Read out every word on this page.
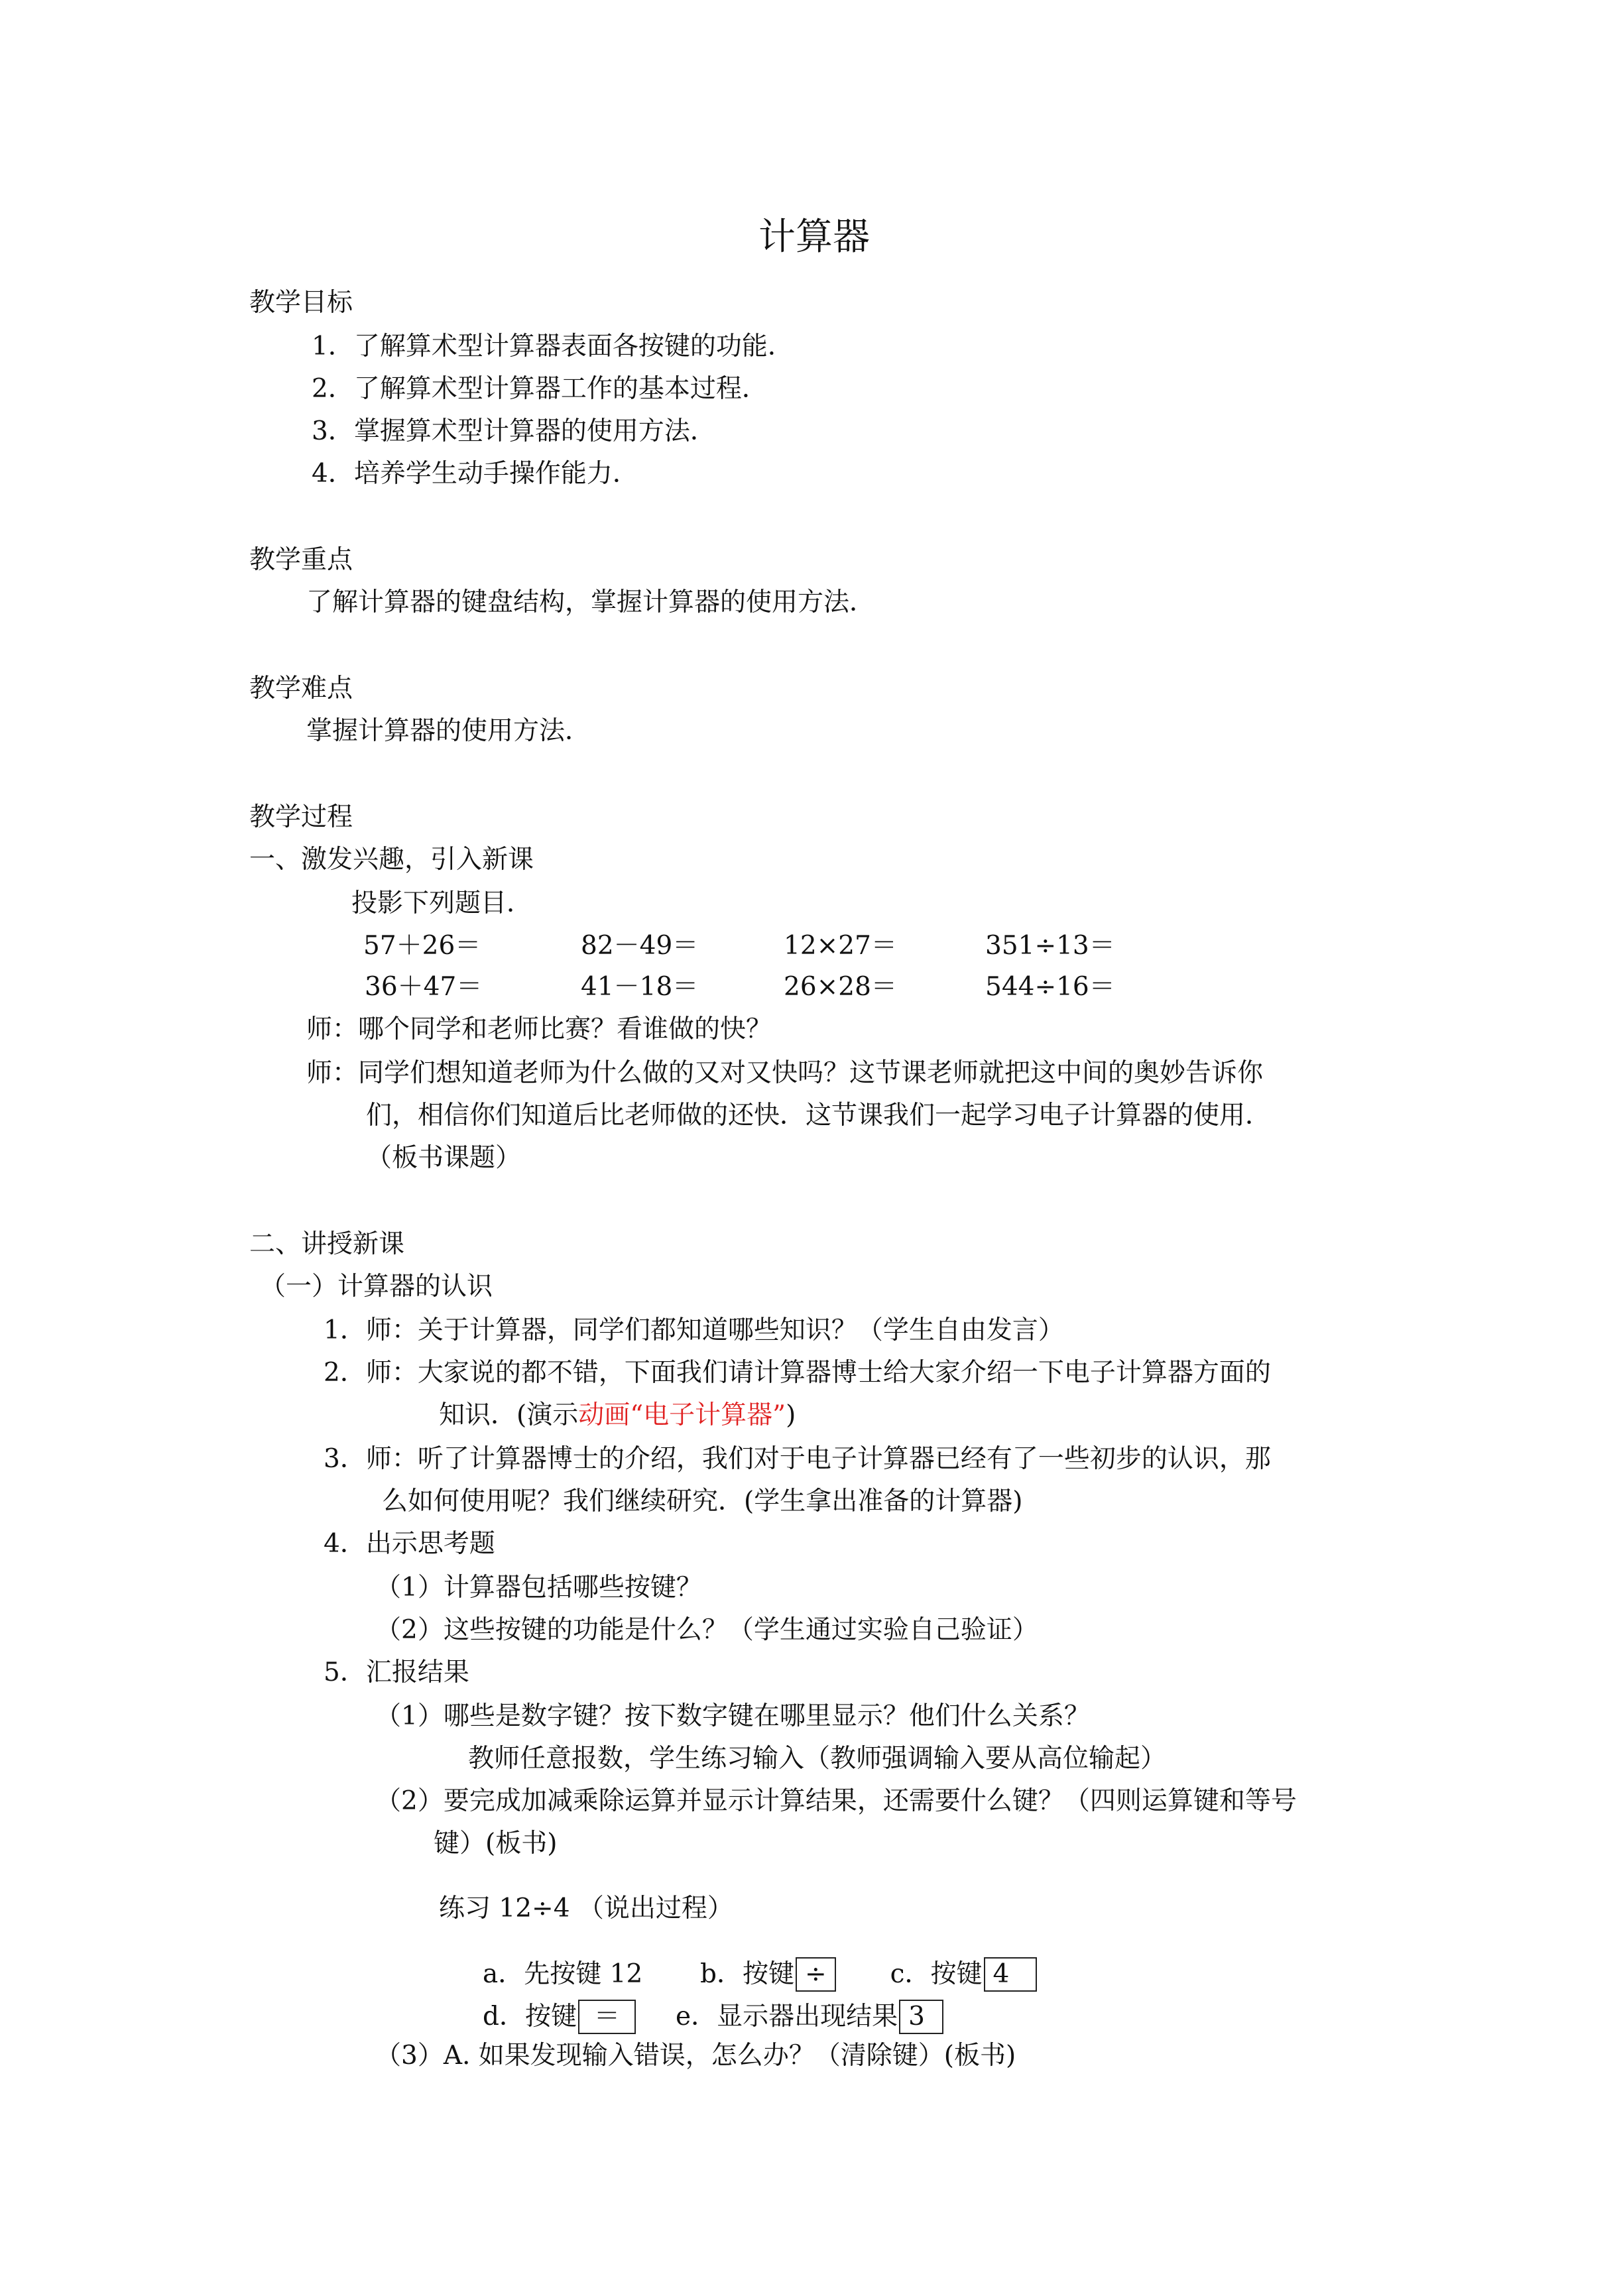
计算器
教学目标
1．了解算术型计算器表面各按键的功能．
2．了解算术型计算器工作的基本过程．
3．掌握算术型计算器的使用方法．
4．培养学生动手操作能力．
教学重点
了解计算器的键盘结构，掌握计算器的使用方法．
教学难点
掌握计算器的使用方法．
教学过程
一、激发兴趣，引入新课
投影下列题目．
57＋26＝	82－49＝	12×27＝	351÷13＝
36＋47＝	41－18＝	26×28＝	544÷16＝
师：哪个同学和老师比赛？看谁做的快？
师：同学们想知道老师为什么做的又对又快吗？这节课老师就把这中间的奥妙告诉你
们，相信你们知道后比老师做的还快．这节课我们一起学习电子计算器的使用．
（板书课题）
二、讲授新课
（一）计算器的认识
1．师：关于计算器，同学们都知道哪些知识？（学生自由发言）
2．师：大家说的都不错，下面我们请计算器博士给大家介绍一下电子计算器方面的
知识．(演示动画“电子计算器”)
3．师：听了计算器博士的介绍，我们对于电子计算器已经有了一些初步的认识，那
么如何使用呢？我们继续研究．(学生拿出准备的计算器)
4．出示思考题
（1）计算器包括哪些按键？
（2）这些按键的功能是什么？（学生通过实验自己验证）
5．汇报结果
（1）哪些是数字键？按下数字键在哪里显示？他们什么关系？
教师任意报数，学生练习输入（教师强调输入要从高位输起）
（2）要完成加减乘除运算并显示计算结果，还需要什么键？（四则运算键和等号
键）(板书)
练习 12÷4 （说出过程）
a．先按键 12 b．按键 ÷ c．按键 4
d．按键 ＝ e．显示器出现结果 3
（3）A. 如果发现输入错误，怎么办？（清除键）(板书)
